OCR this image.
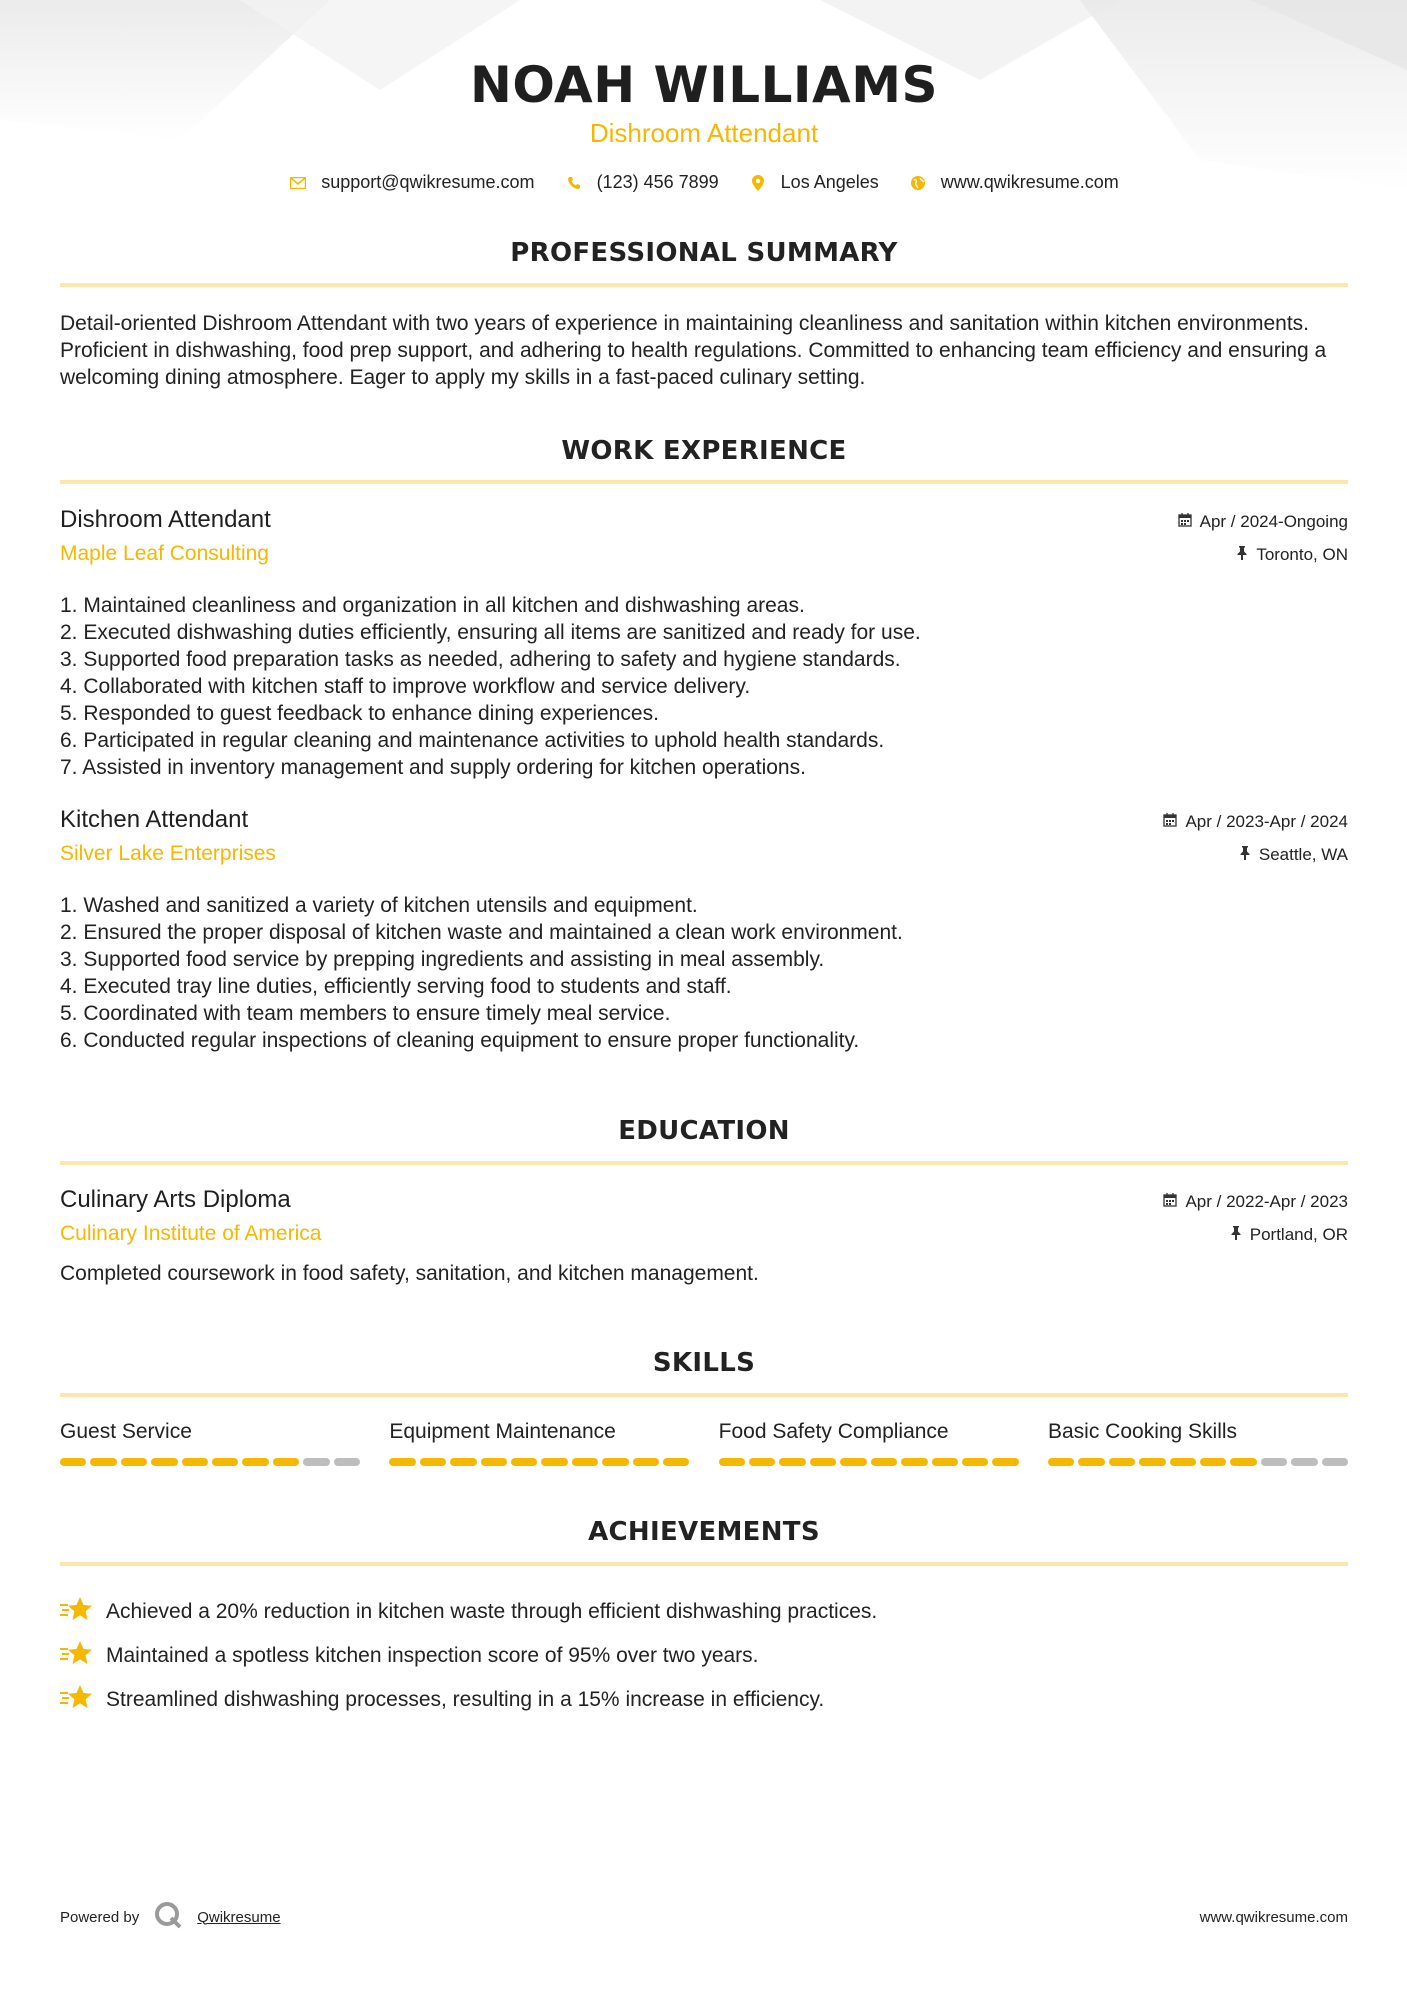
NOAH WILLIAMS
Dishroom Attendant
support@qwikresume.com	(123) 456 7899	Los Angeles	www.qwikresume.com
PROFESSIONAL SUMMARY

Detail-oriented Dishroom Attendant with two years of experience in maintaining cleanliness and sanitation within kitchen environments. Proficient in dishwashing, food prep support, and adhering to health regulations. Committed to enhancing team efficiency and ensuring a welcoming dining atmosphere. Eager to apply my skills in a fast-paced culinary setting.

WORK EXPERIENCE
Dishroom Attendant
Maple Leaf Consulting
Apr / 2024-Ongoing
Toronto, ON
1. Maintained cleanliness and organization in all kitchen and dishwashing areas.
2. Executed dishwashing duties efficiently, ensuring all items are sanitized and ready for use.
3. Supported food preparation tasks as needed, adhering to safety and hygiene standards.
4. Collaborated with kitchen staff to improve workflow and service delivery.
5. Responded to guest feedback to enhance dining experiences.
6. Participated in regular cleaning and maintenance activities to uphold health standards.
7. Assisted in inventory management and supply ordering for kitchen operations.
Kitchen Attendant
Silver Lake Enterprises
Apr / 2023-Apr / 2024
Seattle, WA
1. Washed and sanitized a variety of kitchen utensils and equipment.
2. Ensured the proper disposal of kitchen waste and maintained a clean work environment.
3. Supported food service by prepping ingredients and assisting in meal assembly.
4. Executed tray line duties, efficiently serving food to students and staff.
5. Coordinated with team members to ensure timely meal service.
6. Conducted regular inspections of cleaning equipment to ensure proper functionality.
EDUCATION
Culinary Arts Diploma
Culinary Institute of America
Apr / 2022-Apr / 2023
Portland, OR

Completed coursework in food safety, sanitation, and kitchen management.

SKILLS
Guest Service	Equipment Maintenance	Food Safety Compliance	Basic Cooking Skills
ACHIEVEMENTS
Achieved a 20% reduction in kitchen waste through efficient dishwashing practices.
Maintained a spotless kitchen inspection score of 95% over two years.
Streamlined dishwashing processes, resulting in a 15% increase in efficiency.
Powered by	Qwikresume	www.qwikresume.com
